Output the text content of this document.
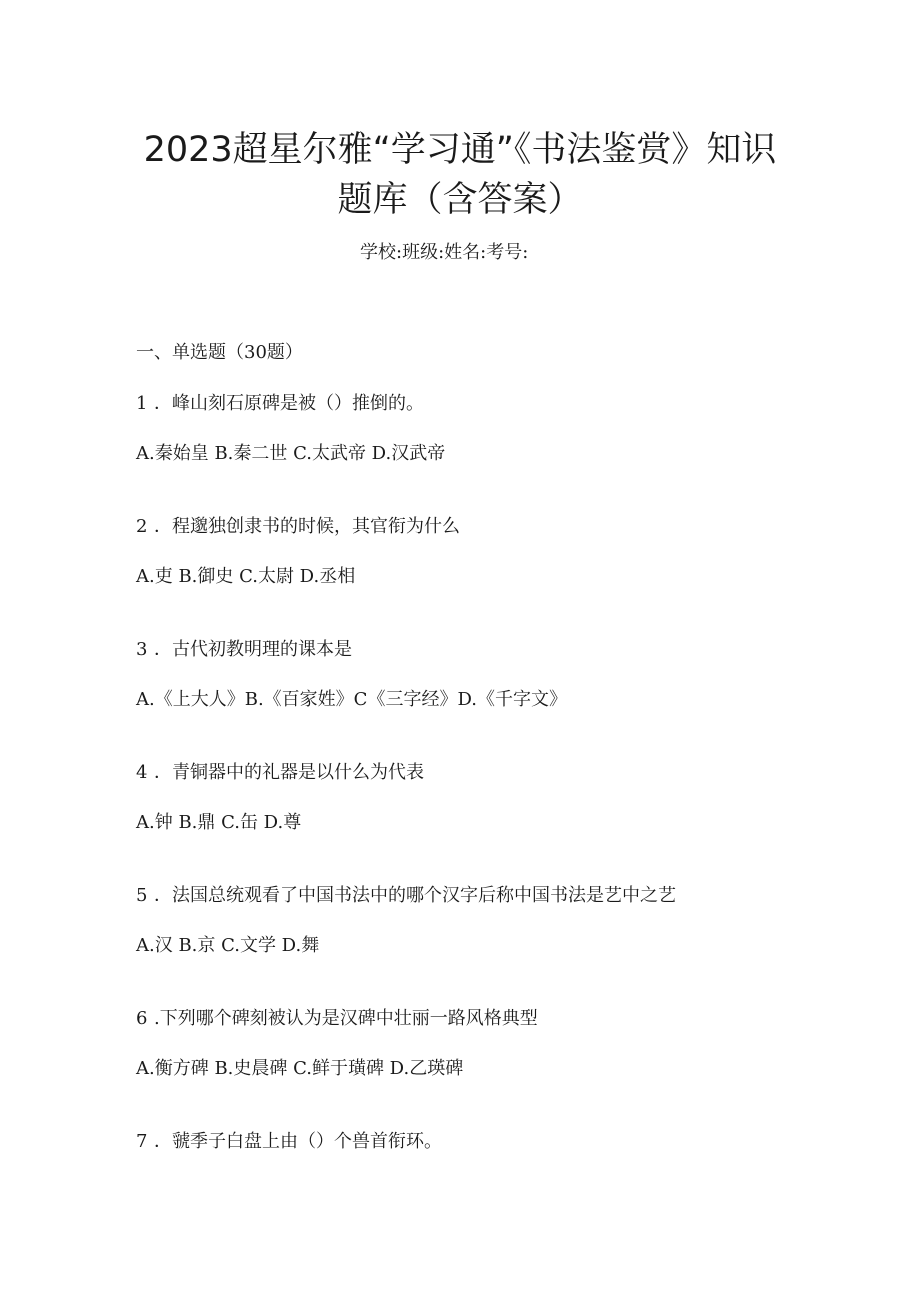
2023超星尔雅“学习通”《书法鉴赏》知识
题库（含答案）
学校:班级:姓名:考号:
一、单选题（30题）
1 ．峰山刻石原碑是被（）推倒的。
A.秦始皇 B.秦二世 C.太武帝 D.汉武帝
2 ．程邈独创隶书的时候，其官衔为什么
A.吏 B.御史 C.太尉 D.丞相
3 ．古代初教明理的课本是
A.《上大人》B.《百家姓》C《三字经》D.《千字文》
4 ．青铜器中的礼器是以什么为代表
A.钟 B.鼎 C.缶 D.尊
5 ．法国总统观看了中国书法中的哪个汉字后称中国书法是艺中之艺
A.汉 B.京 C.文学 D.舞
6 .下列哪个碑刻被认为是汉碑中壮丽一路风格典型
A.衡方碑 B.史晨碑 C.鲜于璜碑 D.乙瑛碑
7 ．虢季子白盘上由（）个兽首衔环。
